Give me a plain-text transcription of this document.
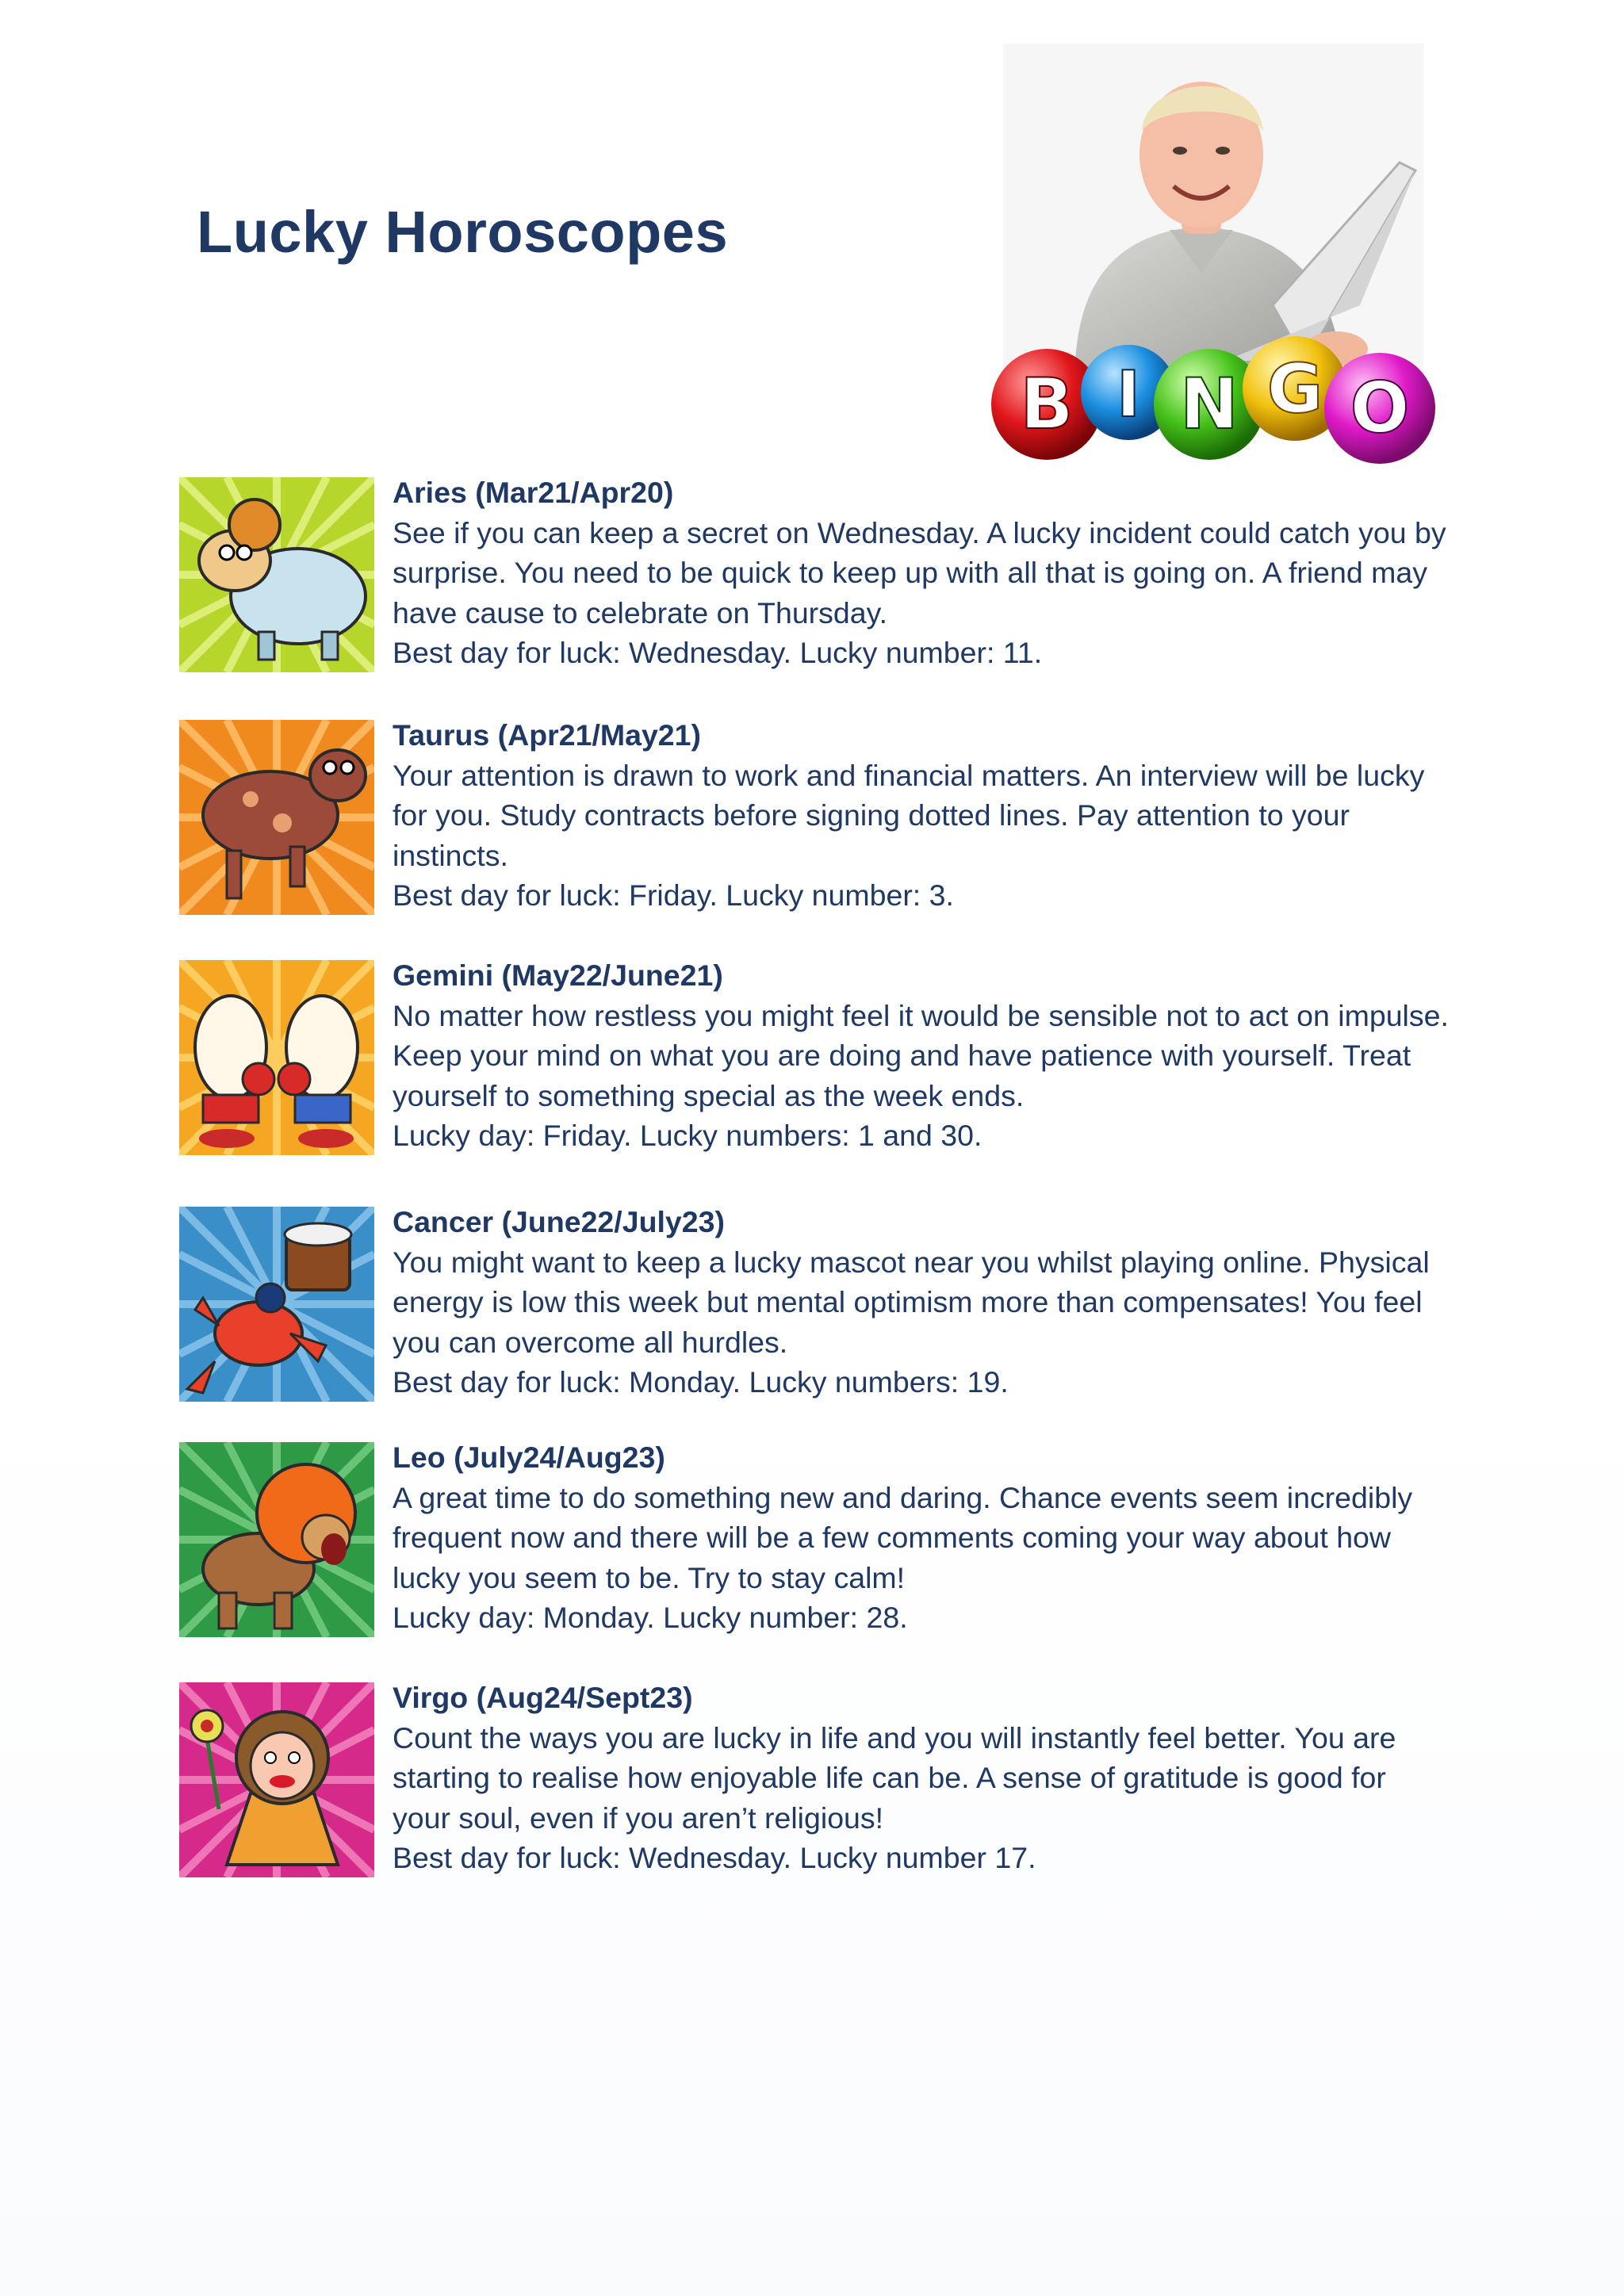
Lucky Horoscopes
B I N G O
Aries (Mar21/Apr20)
See if you can keep a secret on Wednesday. A lucky incident could catch you by surprise. You need to be quick to keep up with all that is going on. A friend may have cause to celebrate on Thursday.
Best day for luck: Wednesday. Lucky number: 11.
Taurus (Apr21/May21)
Your attention is drawn to work and financial matters. An interview will be lucky for you. Study contracts before signing dotted lines. Pay attention to your instincts.
Best day for luck: Friday. Lucky number: 3.
Gemini (May22/June21)
No matter how restless you might feel it would be sensible not to act on impulse. Keep your mind on what you are doing and have patience with yourself. Treat yourself to something special as the week ends.
Lucky day: Friday. Lucky numbers: 1 and 30.
Cancer (June22/July23)
You might want to keep a lucky mascot near you whilst playing online. Physical energy is low this week but mental optimism more than compensates! You feel you can overcome all hurdles.
Best day for luck: Monday. Lucky numbers: 19.
Leo (July24/Aug23)
A great time to do something new and daring. Chance events seem incredibly frequent now and there will be a few comments coming your way about how lucky you seem to be. Try to stay calm!
Lucky day: Monday. Lucky number: 28.
Virgo (Aug24/Sept23)
Count the ways you are lucky in life and you will instantly feel better. You are starting to realise how enjoyable life can be. A sense of gratitude is good for your soul, even if you aren’t religious!
Best day for luck: Wednesday. Lucky number 17.
